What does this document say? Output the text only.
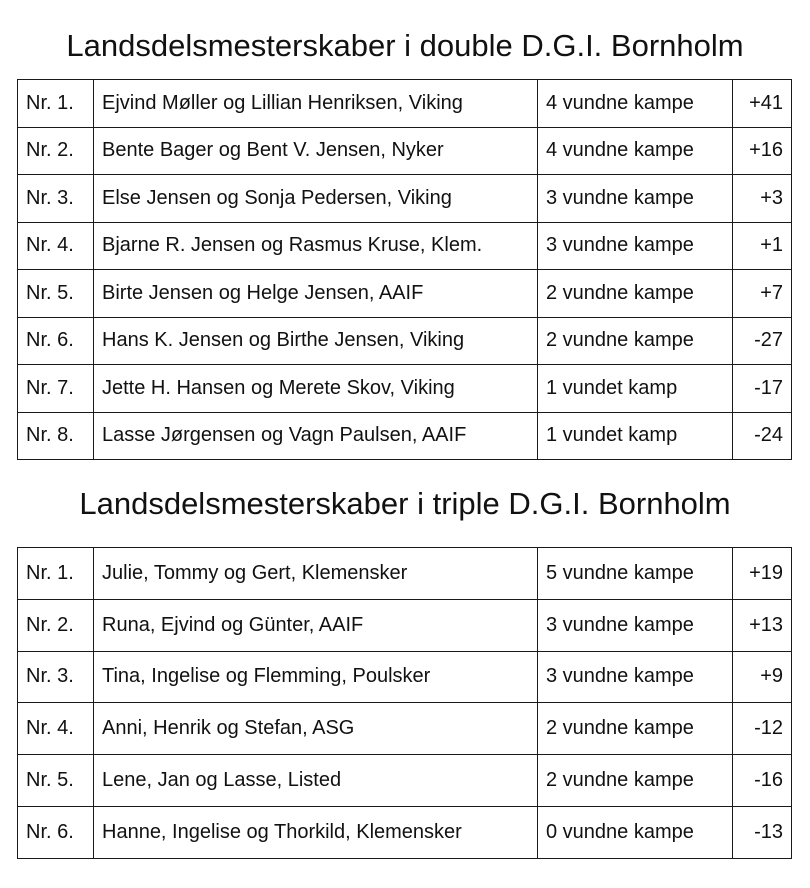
Landsdelsmesterskaber i double D.G.I. Bornholm
Nr. 1.	Ejvind Møller og Lillian Henriksen, Viking	4 vundne kampe	+41
Nr. 2.	Bente Bager og Bent V. Jensen, Nyker	4 vundne kampe	+16
Nr. 3.	Else Jensen og Sonja Pedersen, Viking	3 vundne kampe	+3
Nr. 4.	Bjarne R. Jensen og Rasmus Kruse, Klem.	3 vundne kampe	+1
Nr. 5.	Birte Jensen og Helge Jensen, AAIF	2 vundne kampe	+7
Nr. 6.	Hans K. Jensen og Birthe Jensen, Viking	2 vundne kampe	-27
Nr. 7.	Jette H. Hansen og Merete Skov, Viking	1 vundet kamp	-17
Nr. 8.	Lasse Jørgensen og Vagn Paulsen, AAIF	1 vundet kamp	-24
Landsdelsmesterskaber i triple D.G.I. Bornholm
Nr. 1.	Julie, Tommy og Gert, Klemensker	5 vundne kampe	+19
Nr. 2.	Runa, Ejvind og Günter, AAIF	3 vundne kampe	+13
Nr. 3.	Tina, Ingelise og Flemming, Poulsker	3 vundne kampe	+9
Nr. 4.	Anni, Henrik og Stefan, ASG	2 vundne kampe	-12
Nr. 5.	Lene, Jan og Lasse, Listed	2 vundne kampe	-16
Nr. 6.	Hanne, Ingelise og Thorkild, Klemensker	0 vundne kampe	-13
